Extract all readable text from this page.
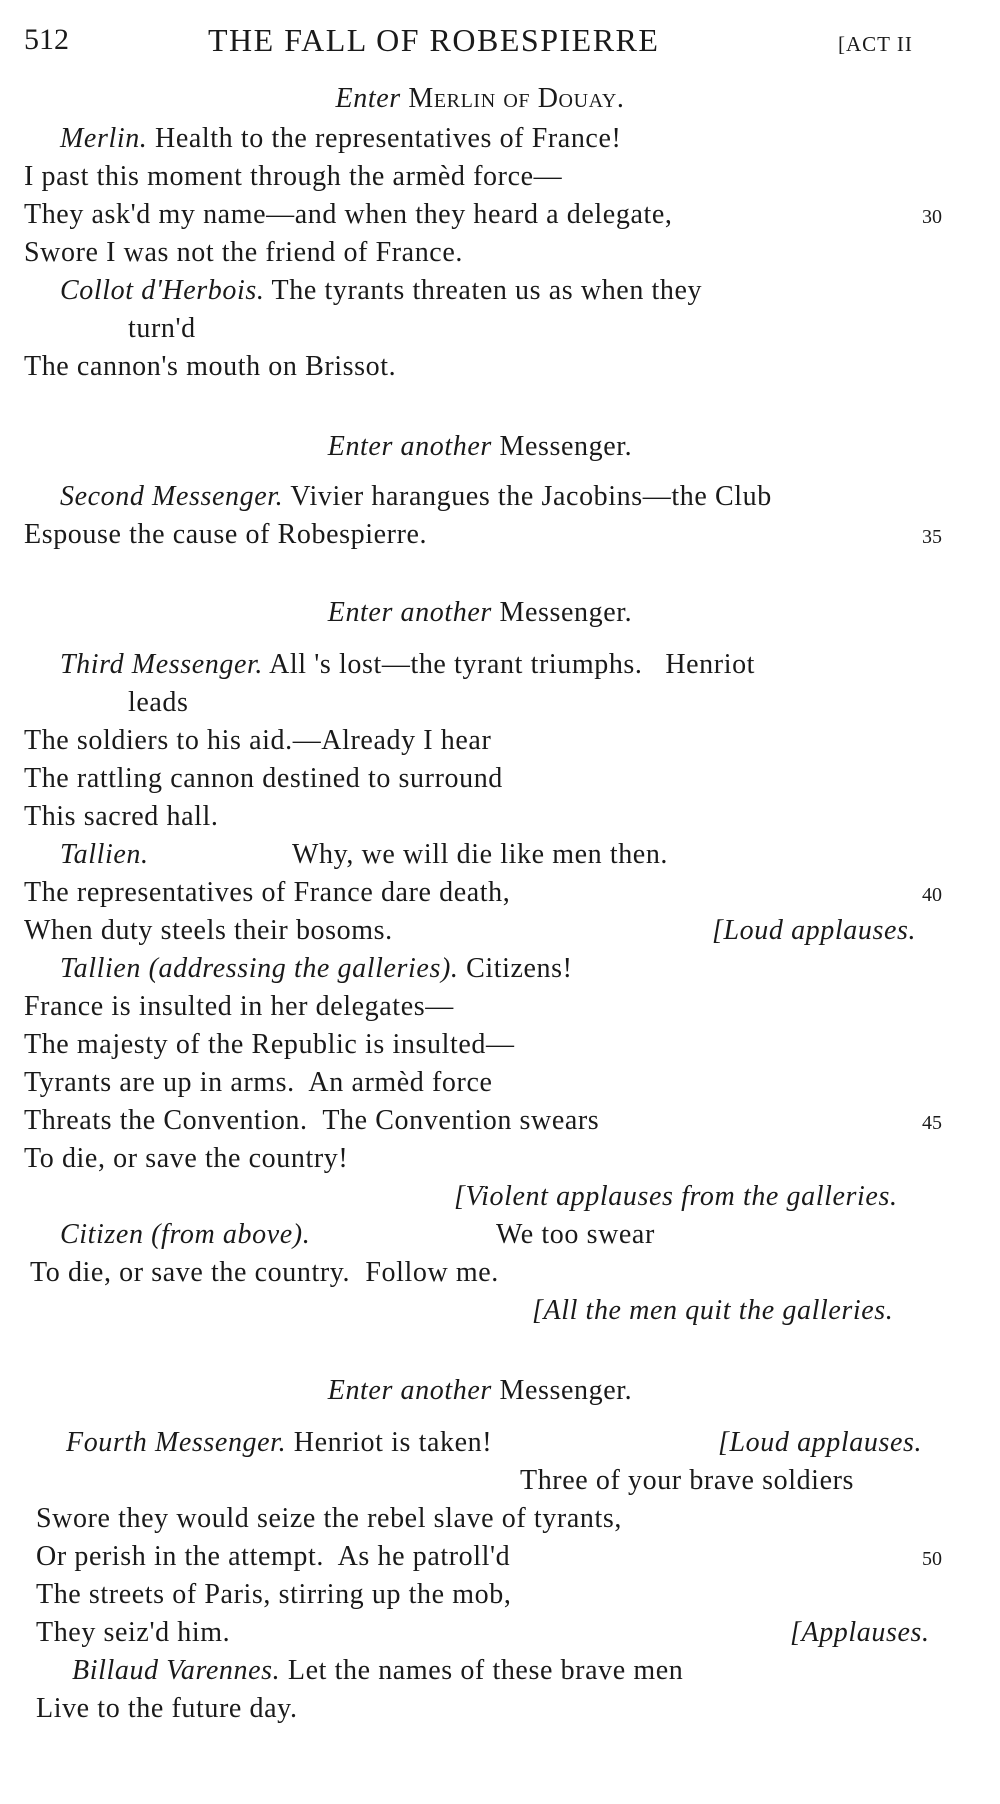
512	THE FALL OF ROBESPIERRE	[ACT II
Enter Merlin of Douay.
Merlin. Health to the representatives of France!
I past this moment through the armèd force—
They ask'd my name—and when they heard a delegate,	30
Swore I was not the friend of France.
Collot d'Herbois. The tyrants threaten us as when they
turn'd
The cannon's mouth on Brissot.
Enter another Messenger.
Second Messenger. Vivier harangues the Jacobins—the Club
Espouse the cause of Robespierre.	35
Enter another Messenger.
Third Messenger. All 's lost—the tyrant triumphs.   Henriot
leads
The soldiers to his aid.—Already I hear
The rattling cannon destined to surround
This sacred hall.
Tallien.	Why, we will die like men then.
The representatives of France dare death,	40
When duty steels their bosoms.	[Loud applauses.
Tallien (addressing the galleries). Citizens!
France is insulted in her delegates—
The majesty of the Republic is insulted—
Tyrants are up in arms.  An armèd force
Threats the Convention.  The Convention swears	45
To die, or save the country!
[Violent applauses from the galleries.
Citizen (from above).	We too swear
To die, or save the country.  Follow me.
[All the men quit the galleries.
Enter another Messenger.
Fourth Messenger. Henriot is taken!	[Loud applauses.
Three of your brave soldiers
Swore they would seize the rebel slave of tyrants,
Or perish in the attempt.  As he patroll'd	50
The streets of Paris, stirring up the mob,
They seiz'd him.	[Applauses.
Billaud Varennes. Let the names of these brave men
Live to the future day.
